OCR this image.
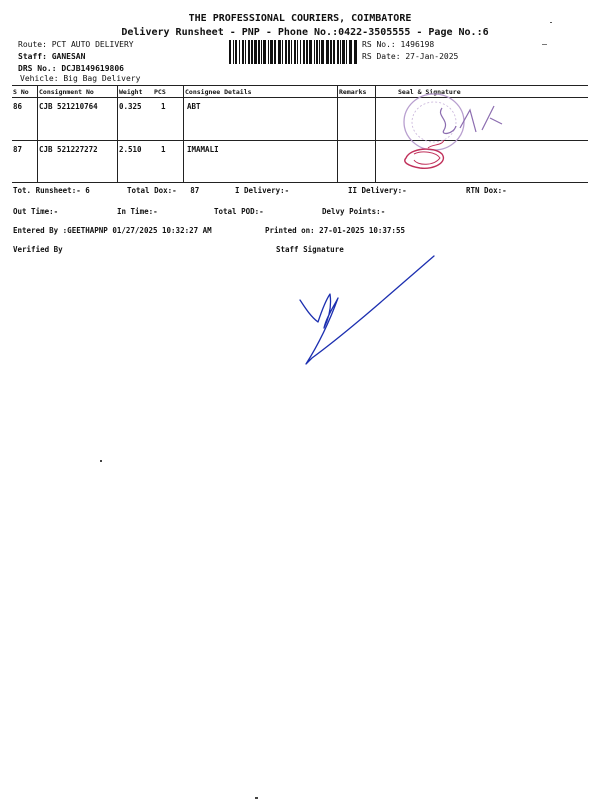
THE PROFESSIONAL COURIERS, COIMBATORE
Delivery Runsheet - PNP - Phone No.:0422-3505555 - Page No.:6
Route: PCT AUTO DELIVERY
Staff: GANESAN
DRS No.: DCJB149619806
Vehicle: Big Bag Delivery
RS No.: 1496198
RS Date: 27-Jan-2025
S No Consignment No	Weight PCS	Consignee Details	Remarks	Seal & Signature
86 CJB 521210764	0.325	1	ABT
87 CJB 521227272	2.510	1	IMAMALI
Tot. Runsheet:- 6	Total Dox:-   87	I Delivery:-	II Delivery:-	RTN Dox:-
Out Time:-	In Time:-	Total POD:-	Delvy Points:-
Entered By :GEETHAPNP 01/27/2025 10:32:27 AM	Printed on: 27-01-2025 10:37:55
Verified By	Staff Signature
